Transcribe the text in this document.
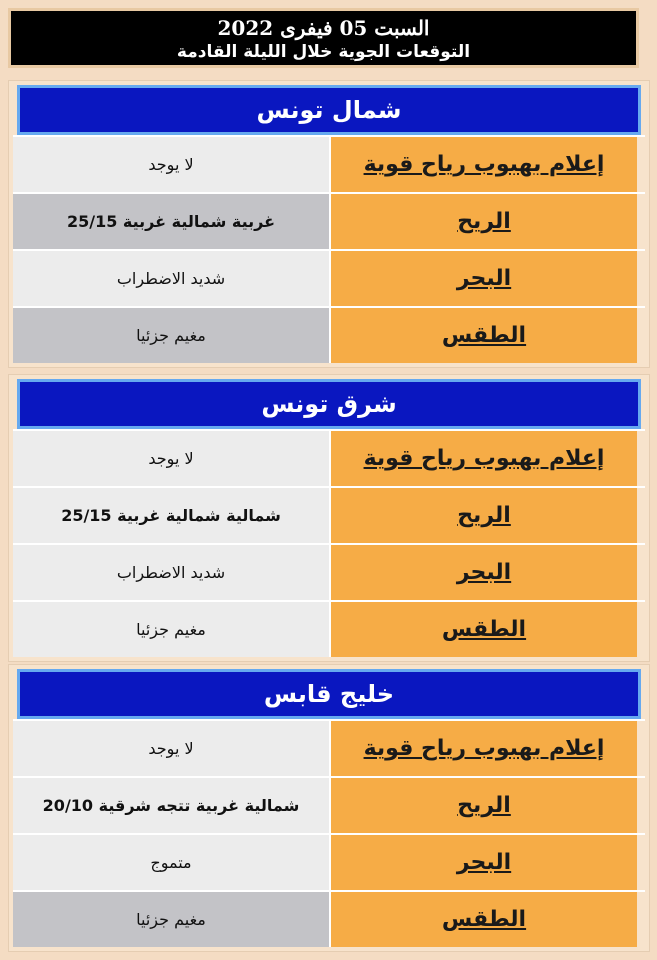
السبت 05 فيفرى 2022
التوقعات الجوية خلال الليلة القادمة
شمال تونس
لا يوجد	إعلام بهبوب رياح قوية
غربية شمالية غربية 25/15	الريح
شديد الاضطراب	البحر
مغيم جزئيا	الطقس
شرق تونس
لا يوجد	إعلام بهبوب رياح قوية
شمالية شمالية غربية 25/15	الريح
شديد الاضطراب	البحر
مغيم جزئيا	الطقس
خليج قابس
لا يوجد	إعلام بهبوب رياح قوية
شمالية غربية تتجه شرقية 20/10	الريح
متموج	البحر
مغيم جزئيا	الطقس
